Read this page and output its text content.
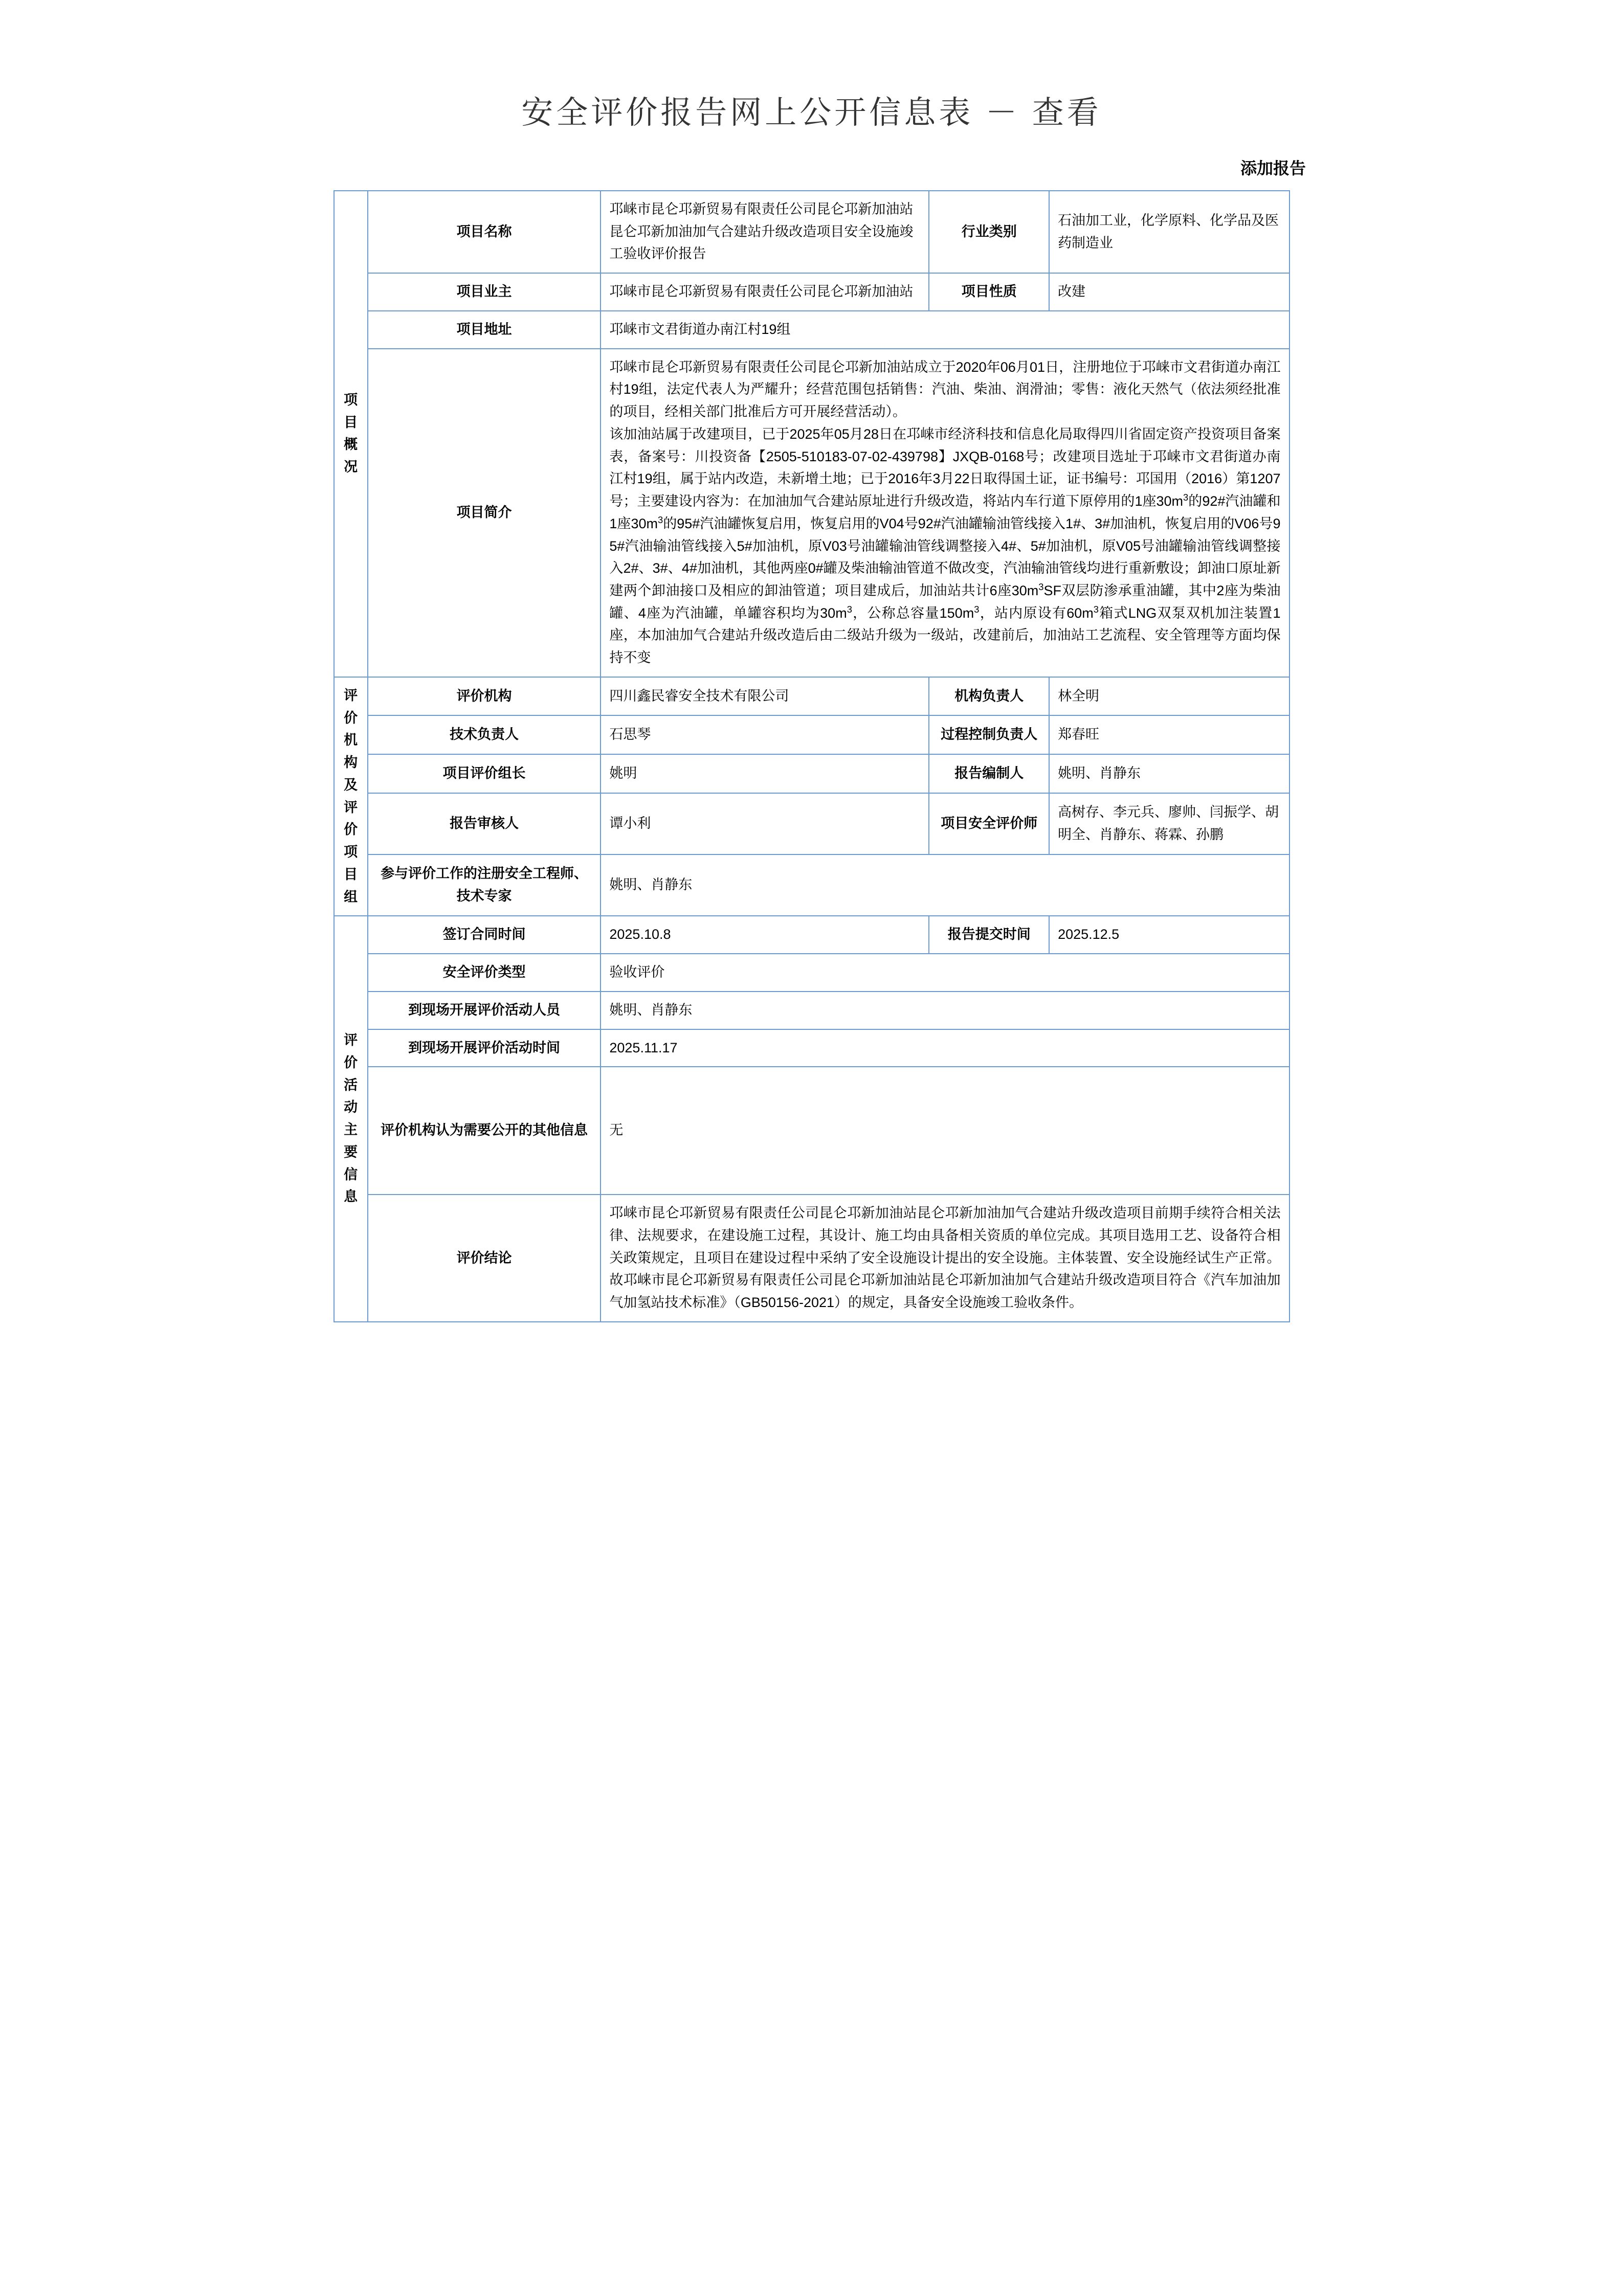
安全评价报告网上公开信息表 － 查看
添加报告
项
目
概
况	项目名称	邛崃市昆仑邛新贸易有限责任公司昆仑邛新加油站昆仑邛新加油加气合建站升级改造项目安全设施竣工验收评价报告	行业类别	石油加工业，化学原料、化学品及医药制造业
	项目业主	邛崃市昆仑邛新贸易有限责任公司昆仑邛新加油站	项目性质	改建
	项目地址	邛崃市文君街道办南江村19组		
	项目简介	邛崃市昆仑邛新贸易有限责任公司昆仑邛新加油站成立于2020年06月01日，注册地位于邛崃市文君街道办南江村19组，法定代表人为严耀升；经营范围包括销售：汽油、柴油、润滑油；零售：液化天然气（依法须经批准的项目，经相关部门批准后方可开展经营活动）。

该加油站属于改建项目，已于2025年05月28日在邛崃市经济科技和信息化局取得四川省固定资产投资项目备案表，备案号：川投资备【2505-510183-07-02-439798】JXQB-0168号；改建项目选址于邛崃市文君街道办南江村19组，属于站内改造，未新增土地；已于2016年3月22日取得国土证，证书编号：邛国用（2016）第1207号；主要建设内容为：在加油加气合建站原址进行升级改造，将站内车行道下原停用的1座$30m^3$的92#汽油罐和1座$30m^3$的95#汽油罐恢复启用，恢复启用的V04号92#汽油罐输油管线接入1#、3#加油机，恢复启用的V06号95#汽油输油管线接入5#加油机，原V03号油罐输油管线调整接入4#、5#加油机，原V05号油罐输油管线调整接入2#、3#、4#加油机，其他两座0#罐及柴油输油管道不做改变，汽油输油管线均进行重新敷设；卸油口原址新建两个卸油接口及相应的卸油管道；项目建成后，加油站共计6座$30m^3SF$双层防渗承重油罐，其中2座为柴油罐、4座为汽油罐，单罐容积均为$30m^3$，公称总容量$150m^3$，站内原设有$60m^3$箱式LNG双泵双机加注装置1座，本加油加气合建站升级改造后由二级站升级为一级站，改建前后，加油站工艺流程、安全管理等方面均保持不变		

评
价
机
构
及
评
价
项
目
组
	评价机构	四川鑫民睿安全技术有限公司	机构负责人	林全明
	技术负责人	石思琴	过程控制负责人	郑春旺
	项目评价组长	姚明	报告编制人	姚明、肖静东
	报告审核人	谭小利	项目安全评价师	高树存、李元兵、廖帅、闫振学、胡明全、肖静东、蒋霖、孙鹏
	参与评价工作的注册安全工程师、技术专家	姚明、肖静东		

评
价
活
动
主
要
信
息
	签订合同时间	2025.10.8	报告提交时间	2025.12.5
	安全评价类型	验收评价		
	到现场开展评价活动人员	姚明、肖静东		
	到现场开展评价活动时间	2025.11.17		
	评价机构认为需要公开的其他信息	无		
	评价结论	邛崃市昆仑邛新贸易有限责任公司昆仑邛新加油站昆仑邛新加油加气合建站升级改造项目前期手续符合相关法律、法规要求，在建设施工过程，其设计、施工均由具备相关资质的单位完成。其项目选用工艺、设备符合相关政策规定，且项目在建设过程中采纳了安全设施设计提出的安全设施。主体装置、安全设施经试生产正常。故邛崃市昆仑邛新贸易有限责任公司昆仑邛新加油站昆仑邛新加油加气合建站升级改造项目符合《汽车加油加气加氢站技术标准》（GB50156-2021）的规定，具备安全设施竣工验收条件。		
